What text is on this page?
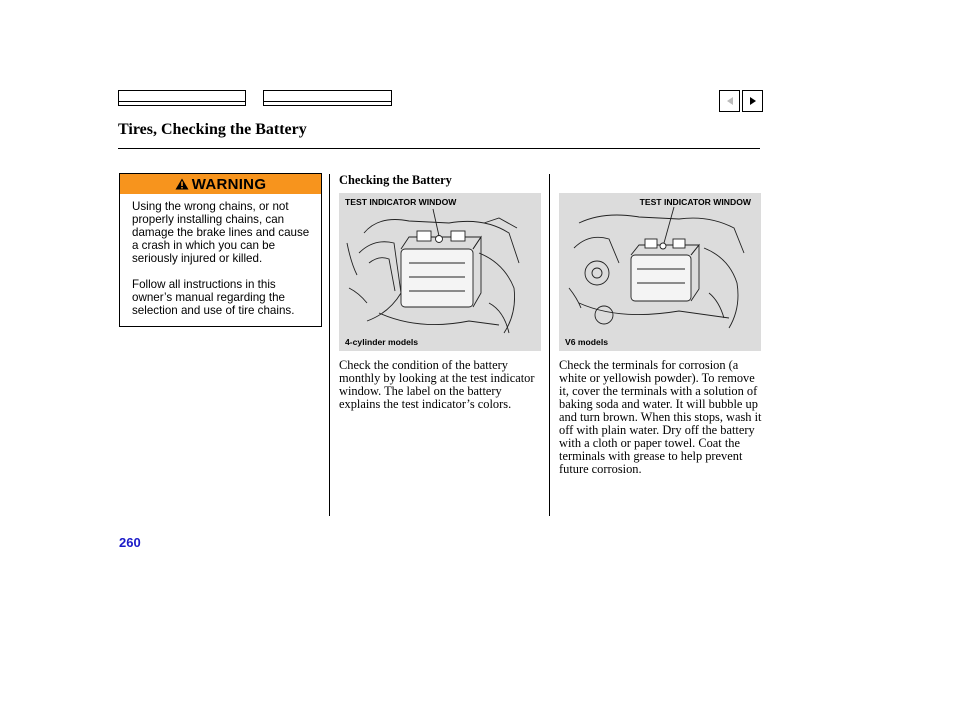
Tires, Checking the Battery
WARNING

Using the wrong chains, or not properly installing chains, can damage the brake lines and cause a crash in which you can be seriously injured or killed.

Follow all instructions in this owner’s manual regarding the selection and use of tire chains.

Checking the Battery
TEST INDICATOR WINDOW
4-cylinder models
TEST INDICATOR WINDOW
V6 models

Check the condition of the battery monthly by looking at the test indicator window. The label on the battery explains the test indicator’s colors.

Check the terminals for corrosion (a white or yellowish powder). To remove it, cover the terminals with a solution of baking soda and water. It will bubble up and turn brown. When this stops, wash it off with plain water. Dry off the battery with a cloth or paper towel. Coat the terminals with grease to help prevent future corrosion.

260
